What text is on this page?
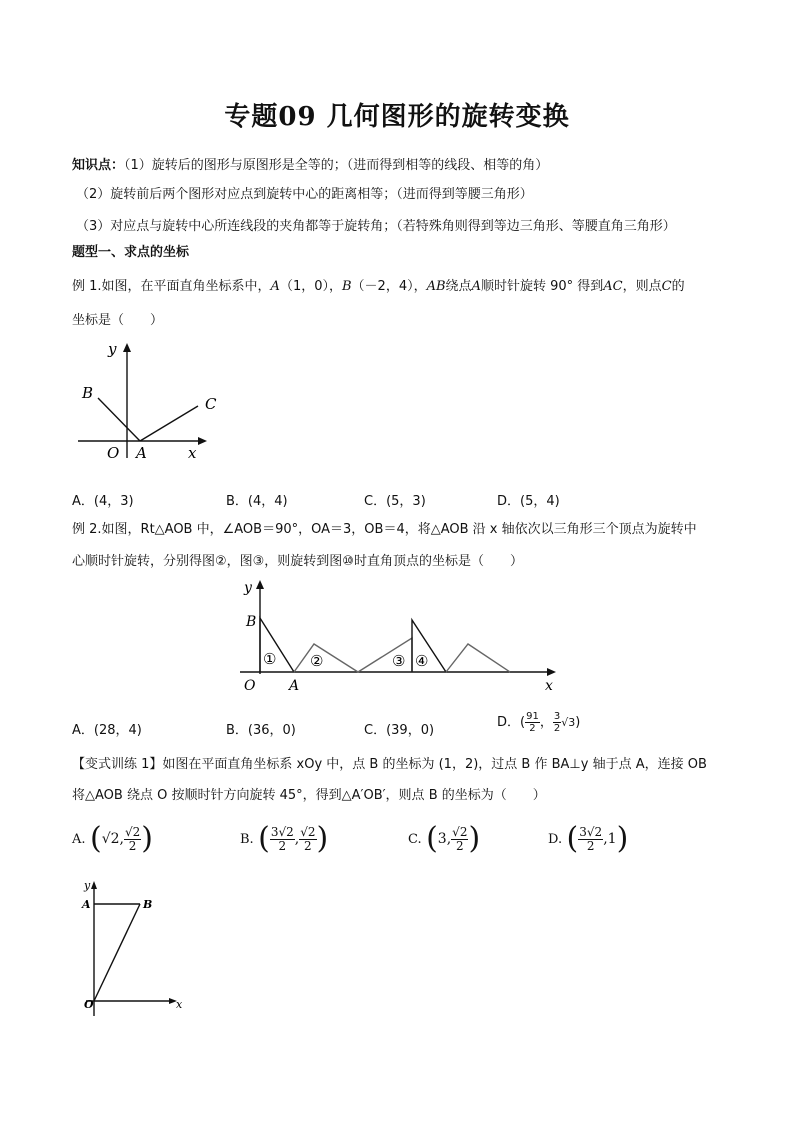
专题09 几何图形的旋转变换
知识点：（1）旋转后的图形与原图形是全等的；（进而得到相等的线段、相等的角）
（2）旋转前后两个图形对应点到旋转中心的距离相等；（进而得到等腰三角形）
（3）对应点与旋转中心所连线段的夹角都等于旋转角；（若特殊角则得到等边三角形、等腰直角三角形）
题型一、求点的坐标
例 1.如图，在平面直角坐标系中，A（1，0），B（－2，4），AB绕点A顺时针旋转 90° 得到AC，则点C的
坐标是（　　）
y
B
C
O A	x
A．(4，3)	B．(4，4)	C．(5，3)	D．(5，4)
例 2.如图，Rt△AOB 中，∠AOB＝90°，OA＝3，OB＝4，将△AOB 沿 x 轴依次以三角形三个顶点为旋转中
心顺时针旋转，分别得图②，图③，则旋转到图⑩时直角顶点的坐标是（　　）
y
B
O A	x
① ②	③ ④
A．(28，4)	B．(36，0)	C．(39，0)
D．( $\frac{91}{2}$ ， $\frac{3}{2} √3$)
【变式训练 1】如图在平面直角坐标系 xOy 中，点 B 的坐标为 (1，2)，过点 B 作 BA⊥y 轴于点 A，连接 OB
将△AOB 绕点 O 按顺时针方向旋转 45°，得到△A′OB′，则点 B 的坐标为（　　）
A. (√2, $\frac{√2}{2}$ )	B. ( $\frac{3√2}{2}$ , $\frac{√2}{2}$ )	C. (3, $\frac{√2}{2}$ )	D. ( $\frac{3√2}{2} ,1$)
y
A	B
O	x
